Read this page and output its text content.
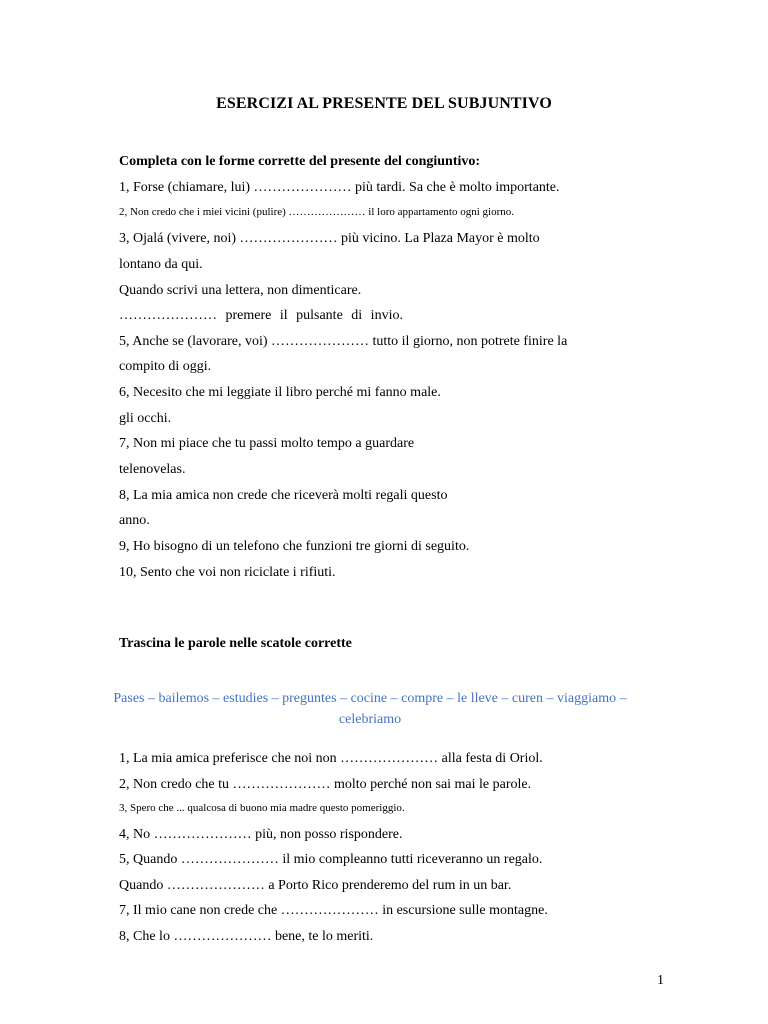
ESERCIZI AL PRESENTE DEL SUBJUNTIVO
Completa con le forme corrette del presente del congiuntivo:
1, Forse (chiamare, lui) ………………… più tardi. Sa che è molto importante.
2, Non credo che i miei vicini (pulire) ………………… il loro appartamento ogni giorno.
3, Ojalá (vivere, noi) ………………… più vicino. La Plaza Mayor è molto
lontano da qui.
Quando scrivi una lettera, non dimenticare.
………………… premere il pulsante di invio.
5, Anche se (lavorare, voi) ………………… tutto il giorno, non potrete finire la
compito di oggi.
6, Necesito che mi leggiate il libro perché mi fanno male.
gli occhi.
7, Non mi piace che tu passi molto tempo a guardare
telenovelas.
8, La mia amica non crede che riceverà molti regali questo
anno.
9, Ho bisogno di un telefono che funzioni tre giorni di seguito.
10, Sento che voi non riciclate i rifiuti.
Trascina le parole nelle scatole corrette
Pases – bailemos – estudies – preguntes – cocine – compre – le lleve – curen – viaggiamo – celebriamo
1, La mia amica preferisce che noi non ………………… alla festa di Oriol.
2, Non credo che tu ………………… molto perché non sai mai le parole.
3, Spero che ... qualcosa di buono mia madre questo pomeriggio.
4, No ………………… più, non posso rispondere.
5, Quando ………………… il mio compleanno tutti riceveranno un regalo.
Quando ………………… a Porto Rico prenderemo del rum in un bar.
7, Il mio cane non crede che ………………… in escursione sulle montagne.
8, Che lo ………………… bene, te lo meriti.
1
